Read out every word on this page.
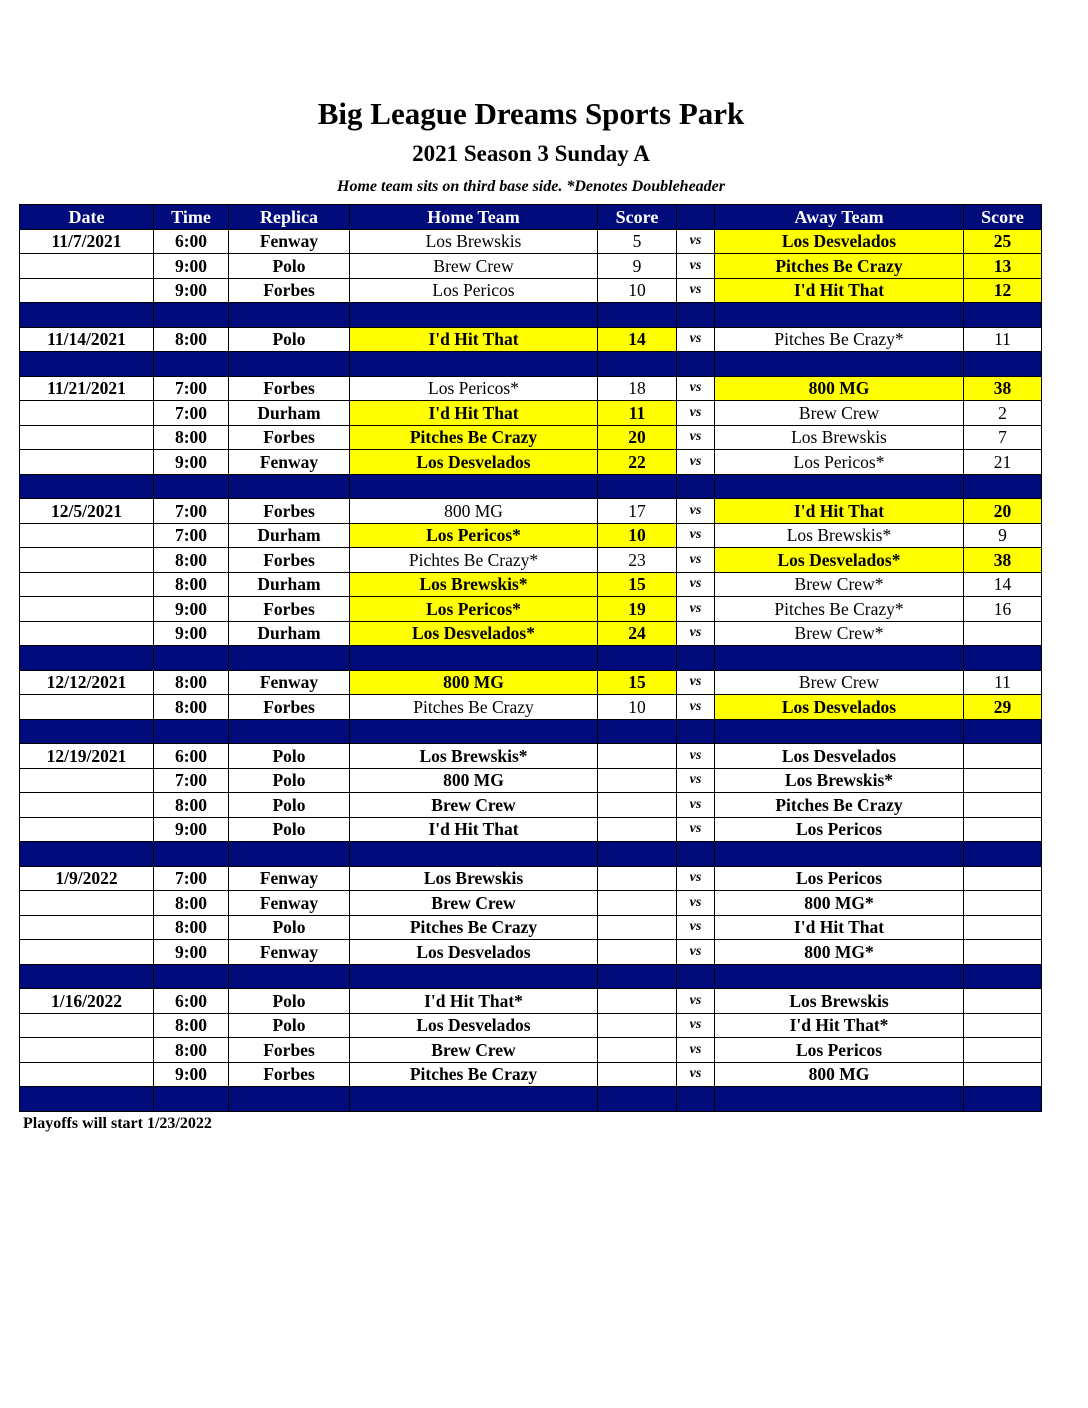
Big League Dreams Sports Park
2021 Season 3 Sunday A
Home team sits on third base side. *Denotes Doubleheader
Date	Time	Replica	Home Team	Score		Away Team	Score
11/7/2021	6:00	Fenway	Los Brewskis	5	vs	Los Desvelados	25
	9:00	Polo	Brew Crew	9	vs	Pitches Be Crazy	13
	9:00	Forbes	Los Pericos	10	vs	I'd Hit That	12

11/14/2021	8:00	Polo	I'd Hit That	14	vs	Pitches Be Crazy*	11

11/21/2021	7:00	Forbes	Los Pericos*	18	vs	800 MG	38
	7:00	Durham	I'd Hit That	11	vs	Brew Crew	2
	8:00	Forbes	Pitches Be Crazy	20	vs	Los Brewskis	7
	9:00	Fenway	Los Desvelados	22	vs	Los Pericos*	21

12/5/2021	7:00	Forbes	800 MG	17	vs	I'd Hit That	20
	7:00	Durham	Los Pericos*	10	vs	Los Brewskis*	9
	8:00	Forbes	Pichtes Be Crazy*	23	vs	Los Desvelados*	38
	8:00	Durham	Los Brewskis*	15	vs	Brew Crew*	14
	9:00	Forbes	Los Pericos*	19	vs	Pitches Be Crazy*	16
	9:00	Durham	Los Desvelados*	24	vs	Brew Crew*	

12/12/2021	8:00	Fenway	800 MG	15	vs	Brew Crew	11
	8:00	Forbes	Pitches Be Crazy	10	vs	Los Desvelados	29

12/19/2021	6:00	Polo	Los Brewskis*		vs	Los Desvelados	
	7:00	Polo	800 MG		vs	Los Brewskis*	
	8:00	Polo	Brew Crew		vs	Pitches Be Crazy	
	9:00	Polo	I'd Hit That		vs	Los Pericos	

1/9/2022	7:00	Fenway	Los Brewskis		vs	Los Pericos	
	8:00	Fenway	Brew Crew		vs	800 MG*	
	8:00	Polo	Pitches Be Crazy		vs	I'd Hit That	
	9:00	Fenway	Los Desvelados		vs	800 MG*	

1/16/2022	6:00	Polo	I'd Hit That*		vs	Los Brewskis	
	8:00	Polo	Los Desvelados		vs	I'd Hit That*	
	8:00	Forbes	Brew Crew		vs	Los Pericos	
	9:00	Forbes	Pitches Be Crazy		vs	800 MG	

Playoffs will start 1/23/2022
